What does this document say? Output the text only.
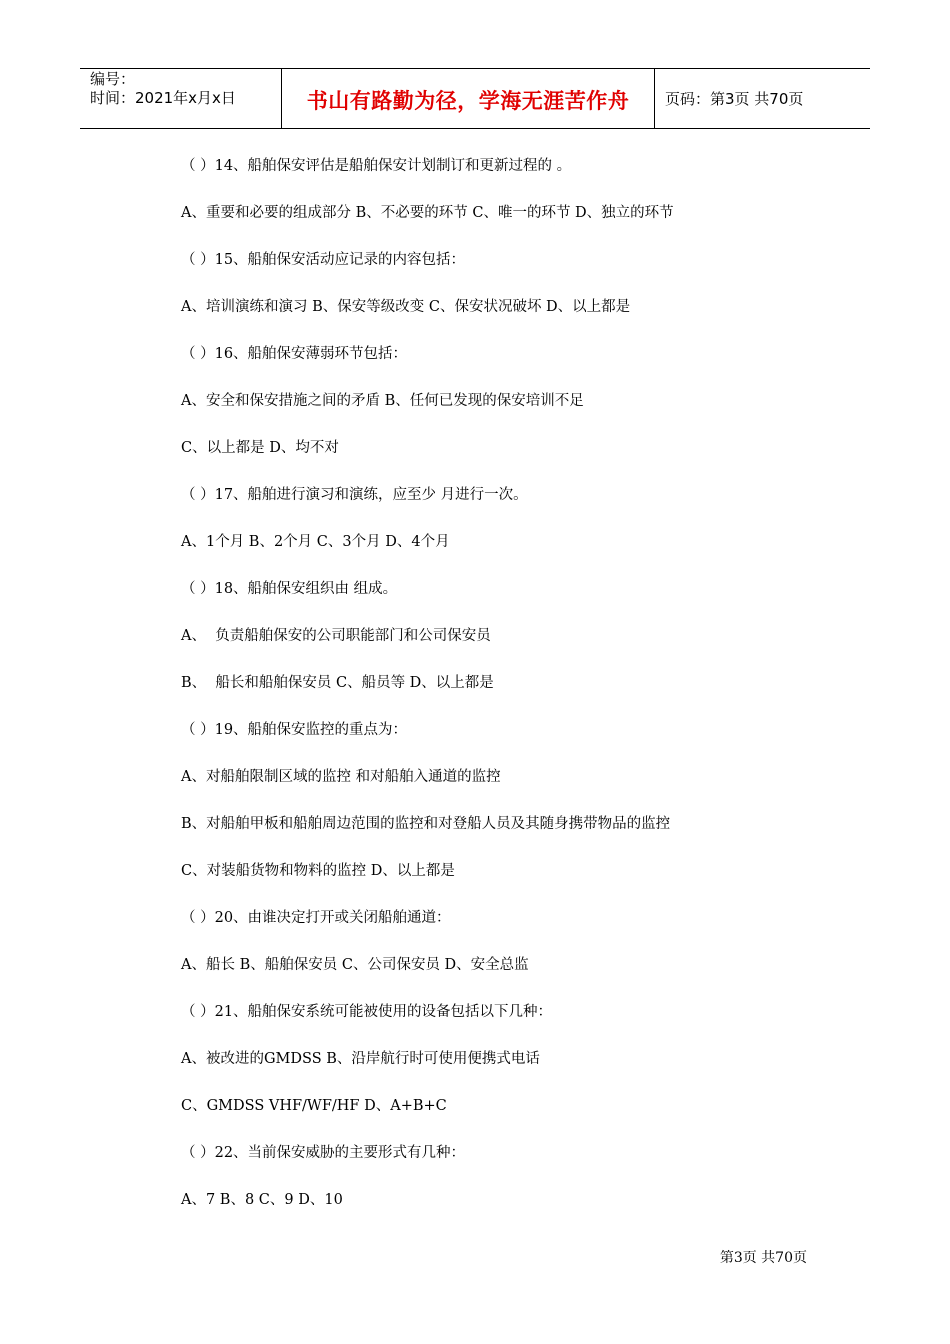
编号：
时间：2021年x月x日	书山有路勤为径，学海无涯苦作舟 页码：第3页 共70页
（ ）14、船舶保安评估是船舶保安计划制订和更新过程的 。
A、重要和必要的组成部分 B、不必要的环节 C、唯一的环节 D、独立的环节
（ ）15、船舶保安活动应记录的内容包括：
A、培训演练和演习 B、保安等级改变 C、保安状况破坏 D、以上都是
（ ）16、船舶保安薄弱环节包括：
A、安全和保安措施之间的矛盾 B、任何已发现的保安培训不足
C、以上都是 D、均不对
（ ）17、船舶进行演习和演练，应至少 月进行一次。
A、1个月 B、2个月 C、3个月 D、4个月
（ ）18、船舶保安组织由 组成。
A、  负责船舶保安的公司职能部门和公司保安员
B、  船长和船舶保安员 C、船员等 D、以上都是
（ ）19、船舶保安监控的重点为：
A、对船舶限制区域的监控 和对船舶入通道的监控
B、对船舶甲板和船舶周边范围的监控和对登船人员及其随身携带物品的监控
C、对装船货物和物料的监控 D、以上都是
（ ）20、由谁决定打开或关闭船舶通道：
A、船长 B、船舶保安员 C、公司保安员 D、安全总监
（ ）21、船舶保安系统可能被使用的设备包括以下几种：
A、被改进的GMDSS B、沿岸航行时可使用便携式电话
C、GMDSS VHF/WF/HF D、A+B+C
（ ）22、当前保安威胁的主要形式有几种：
A、7 B、8 C、9 D、10
第3页 共70页
